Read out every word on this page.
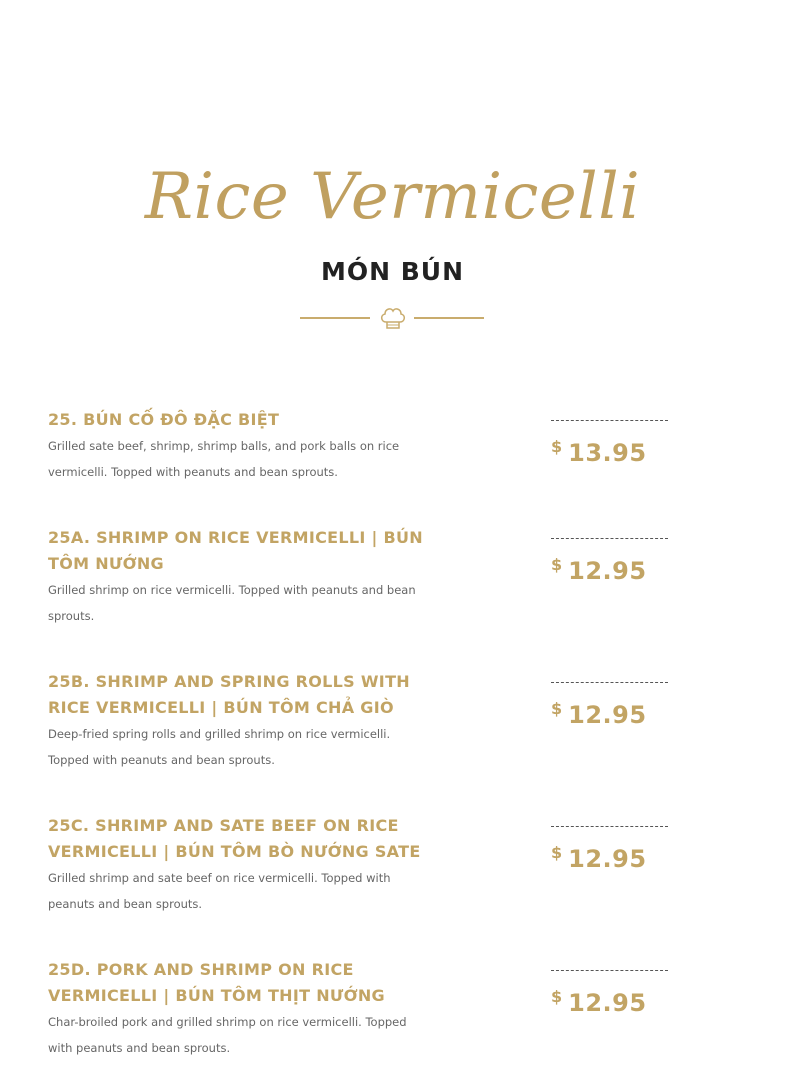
Rice Vermicelli
MÓN BÚN
25. BÚN CỐ ĐÔ ĐẶC BIỆT
Grilled sate beef, shrimp, shrimp balls, and pork balls on rice vermicelli. Topped with peanuts and bean sprouts.
$ 13.95
25A. SHRIMP ON RICE VERMICELLI | BÚN TÔM NƯỚNG
Grilled shrimp on rice vermicelli. Topped with peanuts and bean sprouts.
$ 12.95
25B. SHRIMP AND SPRING ROLLS WITH RICE VERMICELLI | BÚN TÔM CHẢ GIÒ
Deep-fried spring rolls and grilled shrimp on rice vermicelli. Topped with peanuts and bean sprouts.
$ 12.95
25C. SHRIMP AND SATE BEEF ON RICE VERMICELLI | BÚN TÔM BÒ NƯỚNG SATE
Grilled shrimp and sate beef on rice vermicelli. Topped with peanuts and bean sprouts.
$ 12.95
25D. PORK AND SHRIMP ON RICE VERMICELLI | BÚN TÔM THỊT NƯỚNG
Char-broiled pork and grilled shrimp on rice vermicelli. Topped with peanuts and bean sprouts.
$ 12.95
